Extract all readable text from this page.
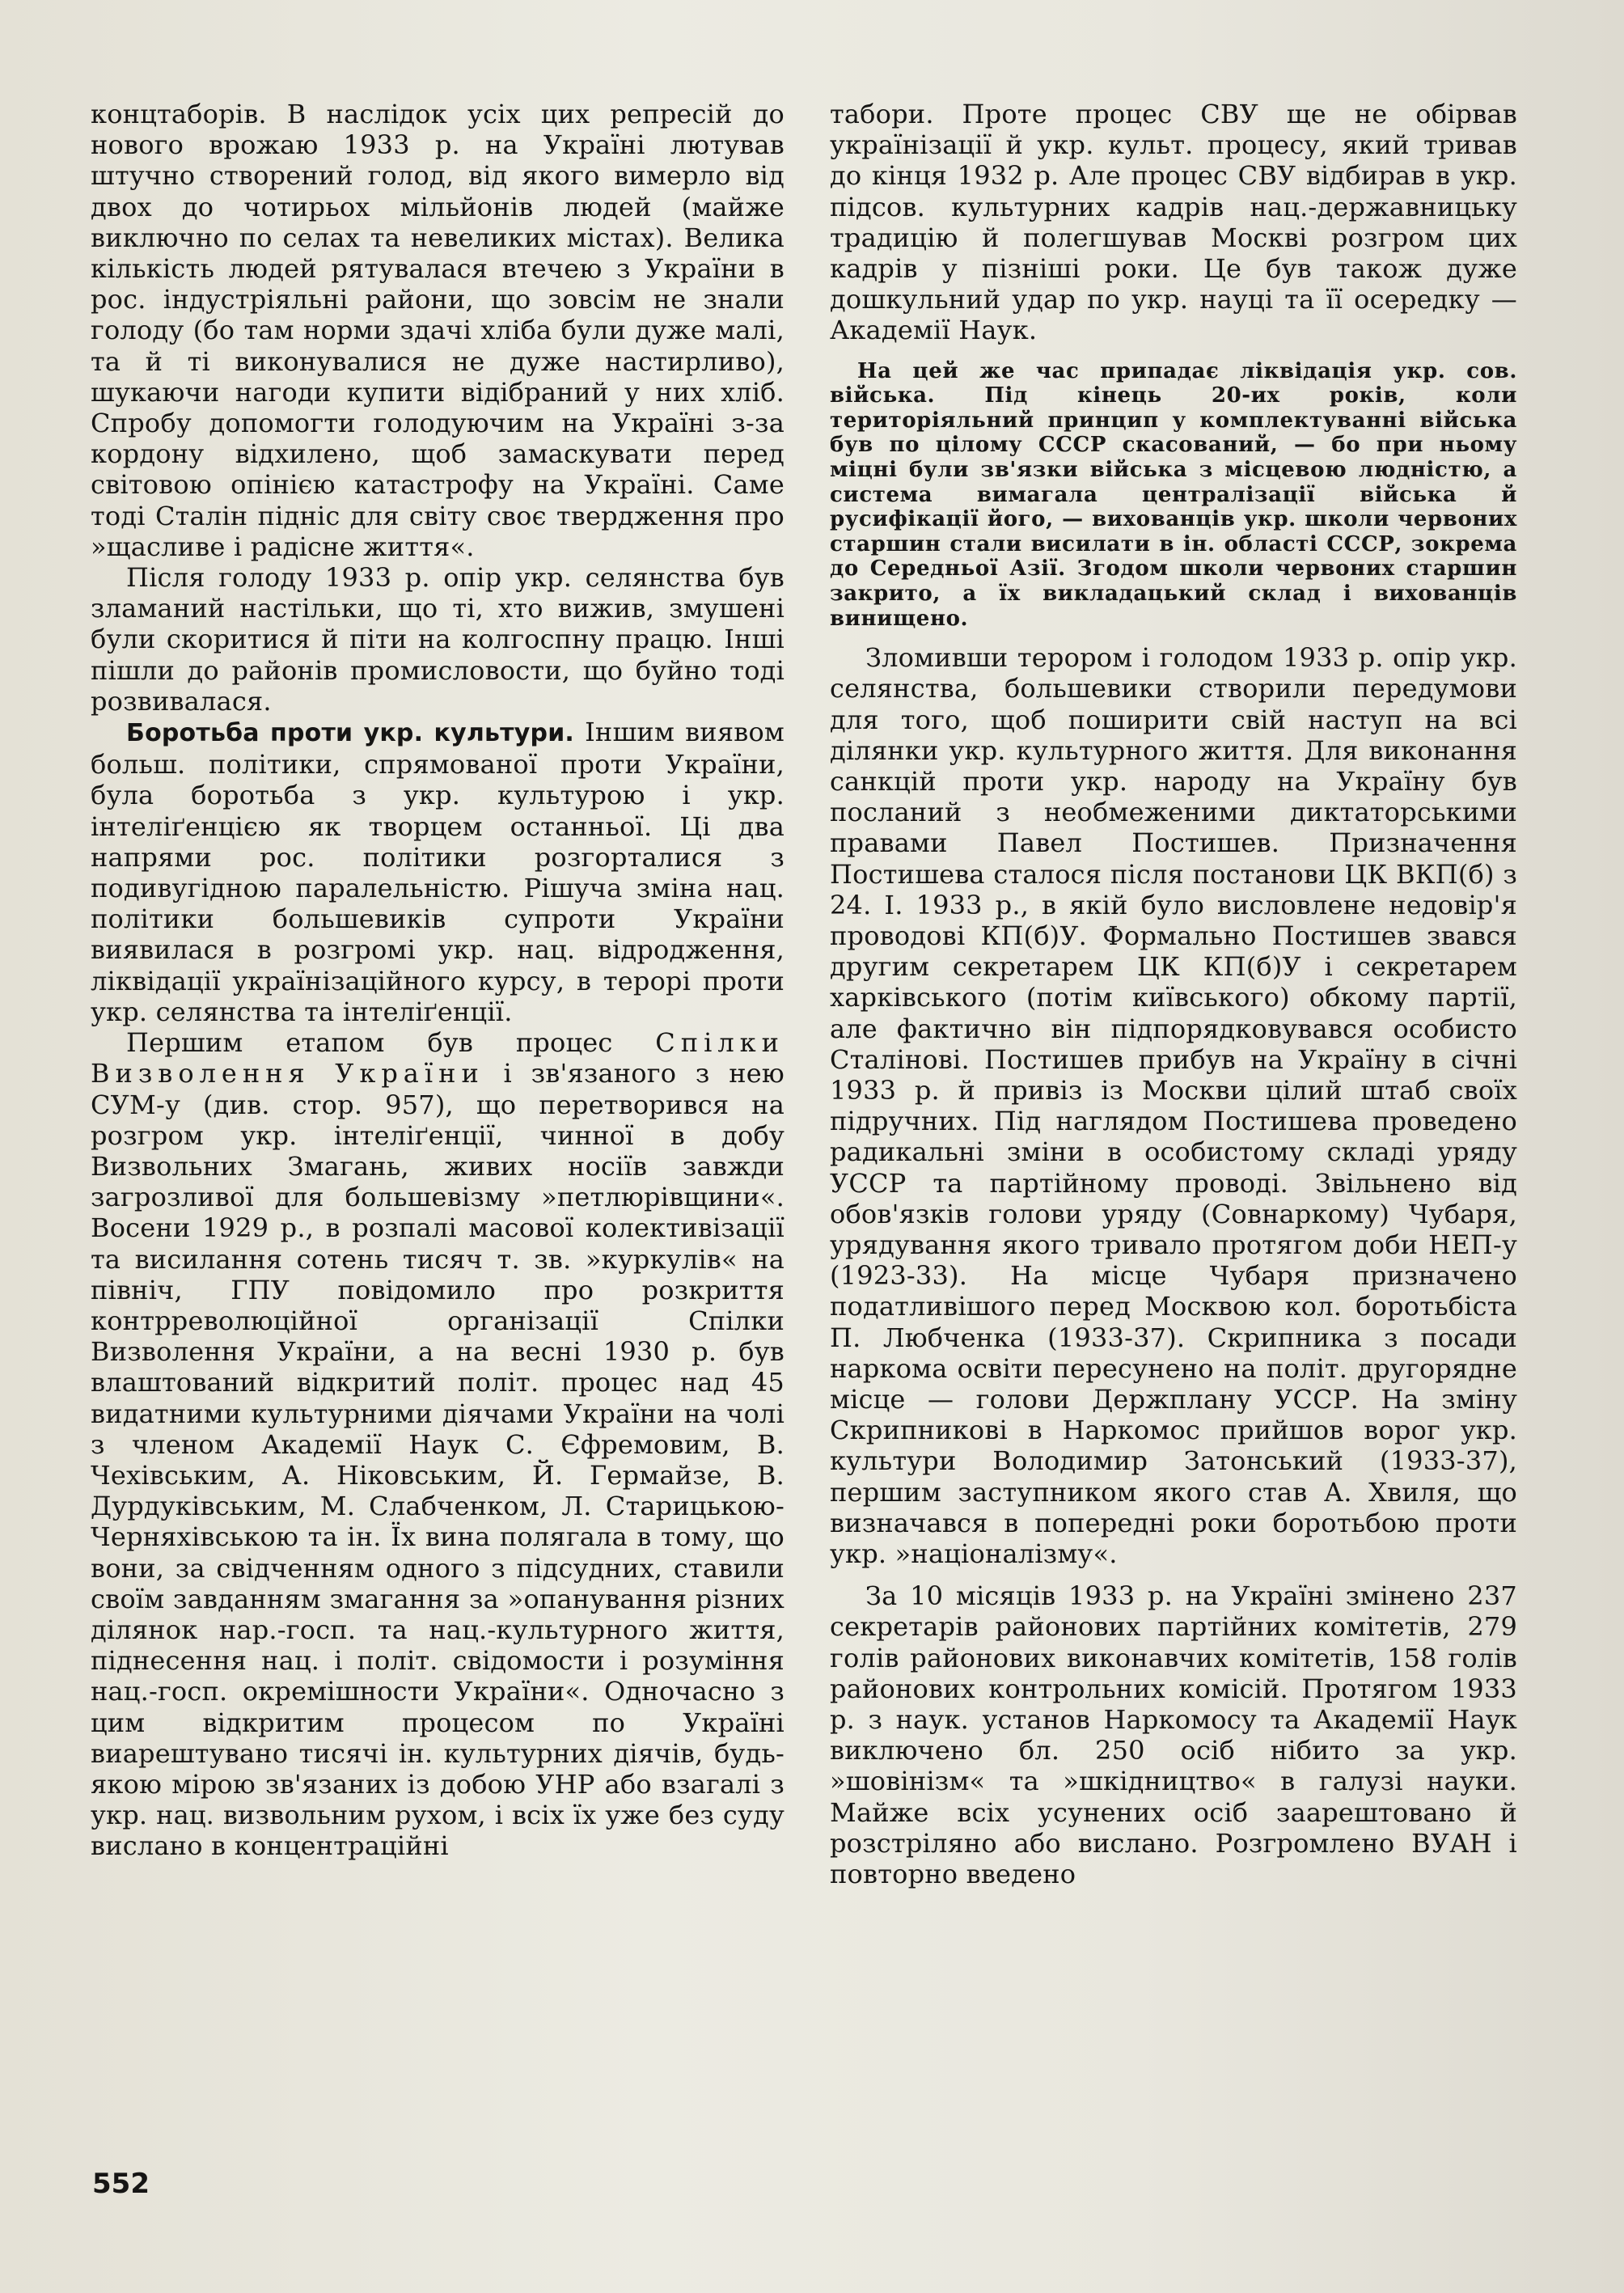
концтаборів. В наслідок усіх цих репресій до нового врожаю 1933 р. на Україні лютував штучно створений голод, від якого вимерло від двох до чотирьох мільйонів людей (майже виключно по селах та невеликих містах). Велика кількість людей рятувалася втечею з України в рос. індустріяльні райони, що зовсім не знали голоду (бо там норми здачі хліба були дуже малі, та й ті виконувалися не дуже настирливо), шукаючи нагоди купити відібраний у них хліб. Спробу допомогти голодуючим на Україні з-за кордону відхилено, щоб замаскувати перед світовою опінією катастрофу на Україні. Саме тоді Сталін підніс для світу своє твердження про »щасливе і радісне життя«.

Після голоду 1933 р. опір укр. селянства був зламаний настільки, що ті, хто вижив, змушені були скоритися й піти на колгоспну працю. Інші пішли до районів промисловости, що буйно тоді розвивалася.

Боротьба проти укр. культури. Іншим виявом больш. політики, спрямованої проти України, була боротьба з укр. культурою і укр. інтеліґенцією як творцем останньої. Ці два напрями рос. політики розгорталися з подивугідною паралельністю. Рішуча зміна нац. політики большевиків супроти України виявилася в розгромі укр. нац. відродження, ліквідації українізаційного курсу, в терорі проти укр. селянства та інтеліґенції.

Першим етапом був процес Спілки Визволення України і зв'язаного з нею СУМ-у (див. стор. 957), що перетворився на розгром укр. інтеліґенції, чинної в добу Визвольних Змагань, живих носіїв завжди загрозливої для большевізму »петлюрівщини«. Восени 1929 р., в розпалі масової колективізації та висилання сотень тисяч т. зв. »куркулів« на північ, ГПУ повідомило про розкриття контрреволюційної організації Спілки Визволення України, а на весні 1930 р. був влаштований відкритий політ. процес над 45 видатними культурними діячами України на чолі з членом Академії Наук С. Єфремовим, В. Чехівським, А. Ніковським, Й. Гермайзе, В. Дурдуківським, М. Слабченком, Л. Старицькою-Черняхівською та ін. Їх вина полягала в тому, що вони, за свідченням одного з підсудних, ставили своїм завданням змагання за »опанування різних ділянок нар.-госп. та нац.-культурного життя, піднесення нац. і політ. свідомости і розуміння нац.-госп. окремішности України«. Одночасно з цим відкритим процесом по Україні виарештувано тисячі ін. культурних діячів, будь-якою мірою зв'язаних із добою УНР або взагалі з укр. нац. визвольним рухом, і всіх їх уже без суду вислано в концентраційні

табори. Проте процес СВУ ще не обірвав українізації й укр. культ. процесу, який тривав до кінця 1932 р. Але процес СВУ відбирав в укр. підсов. культурних кадрів нац.-державницьку традицію й полегшував Москві розгром цих кадрів у пізніші роки. Це був також дуже дошкульний удар по укр. науці та її осередку — Академії Наук.

На цей же час припадає ліквідація укр. сов. війська. Під кінець 20-их років, коли територіяльний принцип у комплектуванні війська був по цілому СССР скасований, — бо при ньому міцні були зв'язки війська з місцевою людністю, а система вимагала централізації війська й русифікації його, — вихованців укр. школи червоних старшин стали висилати в ін. області СССР, зокрема до Середньої Азії. Згодом школи червоних старшин закрито, а їх викладацький склад і вихованців винищено.

Зломивши терором і голодом 1933 р. опір укр. селянства, большевики створили передумови для того, щоб поширити свій наступ на всі ділянки укр. культурного життя. Для виконання санкцій проти укр. народу на Україну був посланий з необмеженими диктаторськими правами Павел Постишев. Призначення Постишева сталося після постанови ЦК ВКП(б) з 24. I. 1933 р., в якій було висловлене недовір'я проводові КП(б)У. Формально Постишев звався другим секретарем ЦК КП(б)У і секретарем харківського (потім київського) обкому партії, але фактично він підпорядковувався особисто Сталінові. Постишев прибув на Україну в січні 1933 р. й привіз із Москви цілий штаб своїх підручних. Під наглядом Постишева проведено радикальні зміни в особистому складі уряду УССР та партійному проводі. Звільнено від обов'язків голови уряду (Совнаркому) Чубаря, урядування якого тривало протягом доби НЕП-у (1923-33). На місце Чубаря призначено податливішого перед Москвою кол. боротьбіста П. Любченка (1933-37). Скрипника з посади наркома освіти пересунено на політ. другорядне місце — голови Держплану УССР. На зміну Скрипникові в Наркомос прийшов ворог укр. культури Володимир Затонський (1933-37), першим заступником якого став А. Хвиля, що визначався в попередні роки боротьбою проти укр. »націоналізму«.

За 10 місяців 1933 р. на Україні змінено 237 секретарів районових партійних комітетів, 279 голів районових виконавчих комітетів, 158 голів районових контрольних комісій. Протягом 1933 р. з наук. установ Наркомосу та Академії Наук виключено бл. 250 осіб нібито за укр. »шовінізм« та »шкідництво« в галузі науки. Майже всіх усунених осіб заарештовано й розстріляно або вислано. Розгромлено ВУАН і повторно введено

552
